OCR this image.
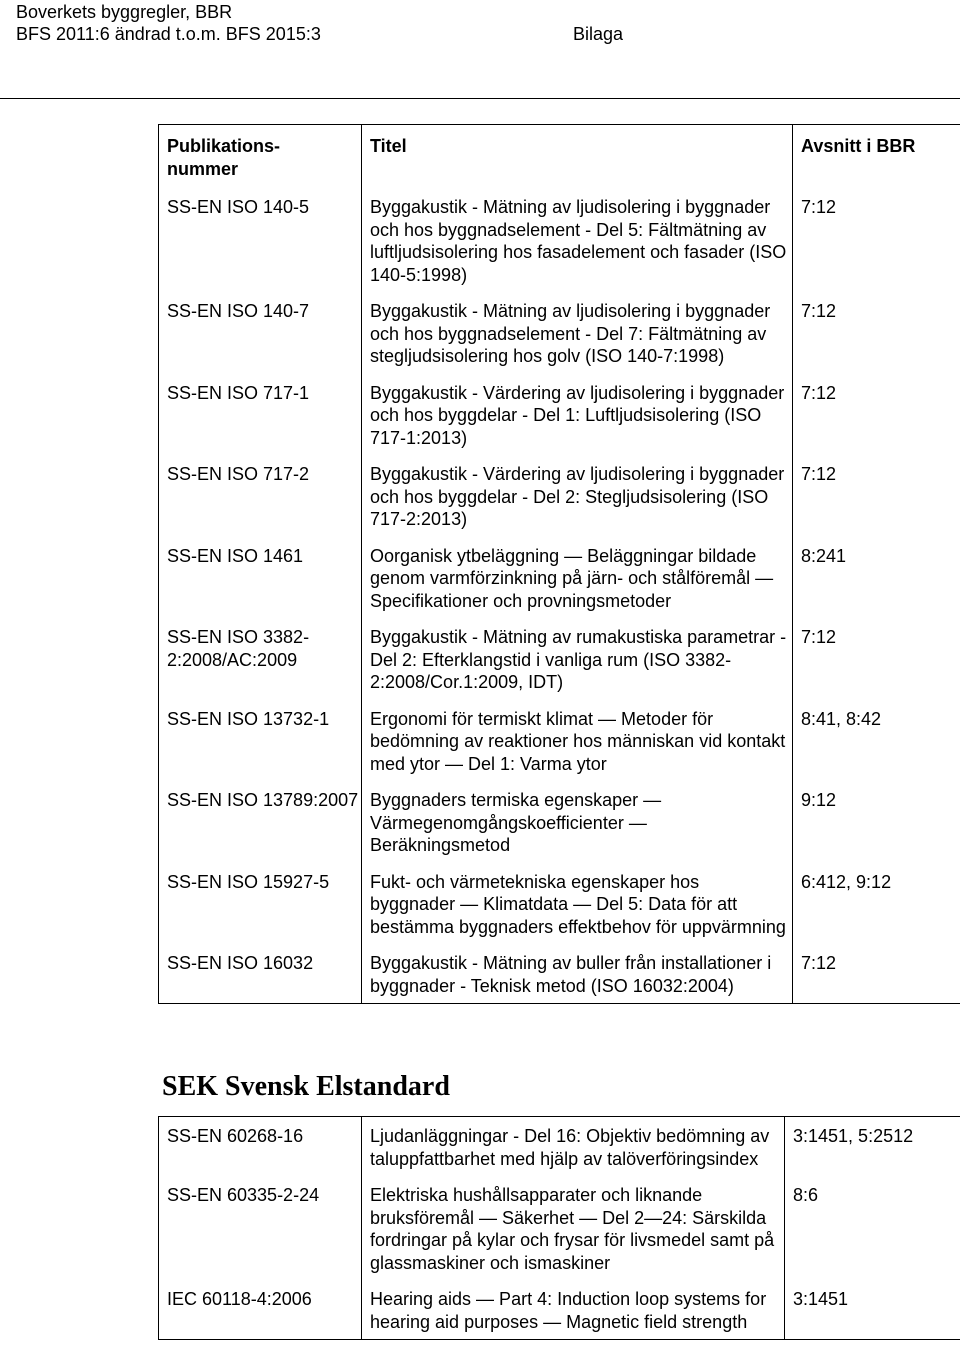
Boverkets byggregler, BBR
BFS 2011:6 ändrad t.o.m. BFS 2015:3	Bilaga
Publikations-
nummer	Titel	Avsnitt i BBR
SS-EN ISO 140-5	Byggakustik - Mätning av ljudisolering i byggnader och hos byggnadselement - Del 5: Fältmätning av luftljudsisolering hos fasadelement och fasader (ISO 140-5:1998)	7:12
SS-EN ISO 140-7	Byggakustik - Mätning av ljudisolering i byggnader och hos byggnadselement - Del 7: Fältmätning av stegljudsisolering hos golv (ISO 140-7:1998)	7:12
SS-EN ISO 717-1	Byggakustik - Värdering av ljudisolering i byggnader och hos byggdelar - Del 1: Luftljudsisolering (ISO 717-1:2013)	7:12
SS-EN ISO 717-2	Byggakustik - Värdering av ljudisolering i byggnader och hos byggdelar - Del 2: Stegljudsisolering (ISO 717-2:2013)	7:12
SS-EN ISO 1461	Oorganisk ytbeläggning — Beläggningar bildade genom varmförzinkning på järn- och stålföremål — Specifikationer och provningsmetoder	8:241
SS-EN ISO 3382-2:2008/AC:2009	Byggakustik - Mätning av rumakustiska parametrar - Del 2: Efterklangstid i vanliga rum (ISO 3382-2:2008/Cor.1:2009, IDT)	7:12
SS-EN ISO 13732-1	Ergonomi för termiskt klimat — Metoder för bedömning av reaktioner hos människan vid kontakt med ytor — Del 1: Varma ytor	8:41, 8:42
SS-EN ISO 13789:2007	Byggnaders termiska egenskaper — Värmegenomgångskoefficienter — Beräkningsmetod	9:12
SS-EN ISO 15927-5	Fukt- och värmetekniska egenskaper hos byggnader — Klimatdata — Del 5: Data för att bestämma byggnaders effektbehov för uppvärmning	6:412, 9:12
SS-EN ISO 16032	Byggakustik - Mätning av buller från installationer i byggnader - Teknisk metod (ISO 16032:2004)	7:12
SEK Svensk Elstandard
SS-EN 60268-16	Ljudanläggningar - Del 16: Objektiv bedömning av taluppfattbarhet med hjälp av talöverföringsindex	3:1451, 5:2512
SS-EN 60335-2-24	Elektriska hushållsapparater och liknande bruksföremål — Säkerhet — Del 2—24: Särskilda fordringar på kylar och frysar för livsmedel samt på glassmaskiner och ismaskiner	8:6
IEC 60118-4:2006	Hearing aids — Part 4: Induction loop systems for hearing aid purposes — Magnetic field strength	3:1451
